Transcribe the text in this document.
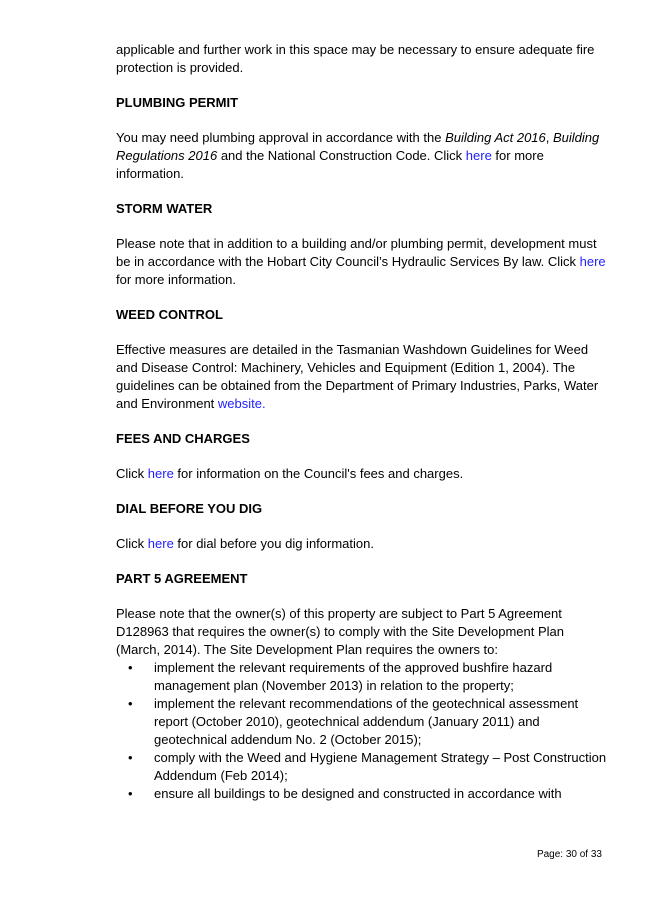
applicable and further work in this space may be necessary to ensure adequate fire protection is provided.

PLUMBING PERMIT

You may need plumbing approval in accordance with the Building Act 2016, Building Regulations 2016 and the National Construction Code. Click here for more information.

STORM WATER

Please note that in addition to a building and/or plumbing permit, development must be in accordance with the Hobart City Council’s Hydraulic Services By law. Click here for more information.

WEED CONTROL

Effective measures are detailed in the Tasmanian Washdown Guidelines for Weed and Disease Control: Machinery, Vehicles and Equipment (Edition 1, 2004). The guidelines can be obtained from the Department of Primary Industries, Parks, Water and Environment website.

FEES AND CHARGES

Click here for information on the Council's fees and charges.

DIAL BEFORE YOU DIG

Click here for dial before you dig information.

PART 5 AGREEMENT

Please note that the owner(s) of this property are subject to Part 5 Agreement D128963 that requires the owner(s) to comply with the Site Development Plan (March, 2014). The Site Development Plan requires the owners to:

• implement the relevant requirements of the approved bushfire hazard management plan (November 2013) in relation to the property;
• implement the relevant recommendations of the geotechnical assessment report (October 2010), geotechnical addendum (January 2011) and geotechnical addendum No. 2 (October 2015);
• comply with the Weed and Hygiene Management Strategy – Post Construction Addendum (Feb 2014);
• ensure all buildings to be designed and constructed in accordance with
Page: 30 of 33
